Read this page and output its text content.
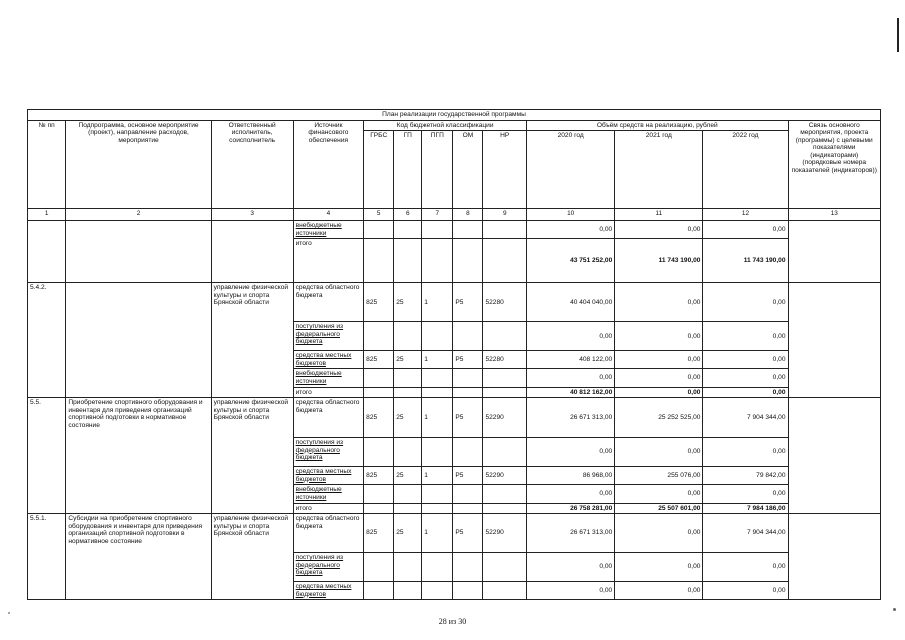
План реализации государственной программы												
№ пп	Подпрограмма, основное мероприятие (проект), направление расходов, мероприятие	Ответственный исполнитель, соисполнитель	Источник финансового обеспечения	Код бюджетной классификации					Объём средств на реализацию, рублей			Связь основного мероприятия, проекта (программы) с целевыми показателями (индикаторами) (порядковые номера показателей (индикаторов))
				ГРБС	ГП	ПГП	ОМ	НР	2020 год	2021 год	2022 год	
1	2	3	4	5	6	7	8	9	10	11	12	13
			внебюджетные источники						0,00	0,00	0,00	
			итого						43 751 252,00	11 743 190,00	11 743 190,00	
5.4.2.		управление физической культуры и спорта Брянской области	средства областного бюджета	825	25	1	Р5	52280	40 404 040,00	0,00	0,00	
			поступления из федерального бюджета						0,00	0,00	0,00	
			средства местных бюджетов	825	25	1	Р5	52280	408 122,00	0,00	0,00	
			внебюджетные источники						0,00	0,00	0,00	
			итого						40 812 162,00	0,00	0,00	
5.5.	Приобретение спортивного оборудования и инвентаря для приведения организаций спортивной подготовки в нормативное состояние	управление физической культуры и спорта Брянской области	средства областного бюджета	825	25	1	Р5	52290	26 671 313,00	25 252 525,00	7 904 344,00	
			поступления из федерального бюджета						0,00	0,00	0,00	
			средства местных бюджетов	825	25	1	Р5	52290	86 968,00	255 076,00	79 842,00	
			внебюджетные источники						0,00	0,00	0,00	
			итого						26 758 281,00	25 507 601,00	7 984 186,00	
5.5.1.	Субсидии на приобретение спортивного оборудования и инвентаря для приведения организаций спортивной подготовки в нормативное состояние	управление физической культуры и спорта Брянской области	средства областного бюджета	825	25	1	Р5	52290	26 671 313,00	0,00	7 904 344,00	
			поступления из федерального бюджета						0,00	0,00	0,00	
			средства местных бюджетов						0,00	0,00	0,00	
28 из 30
